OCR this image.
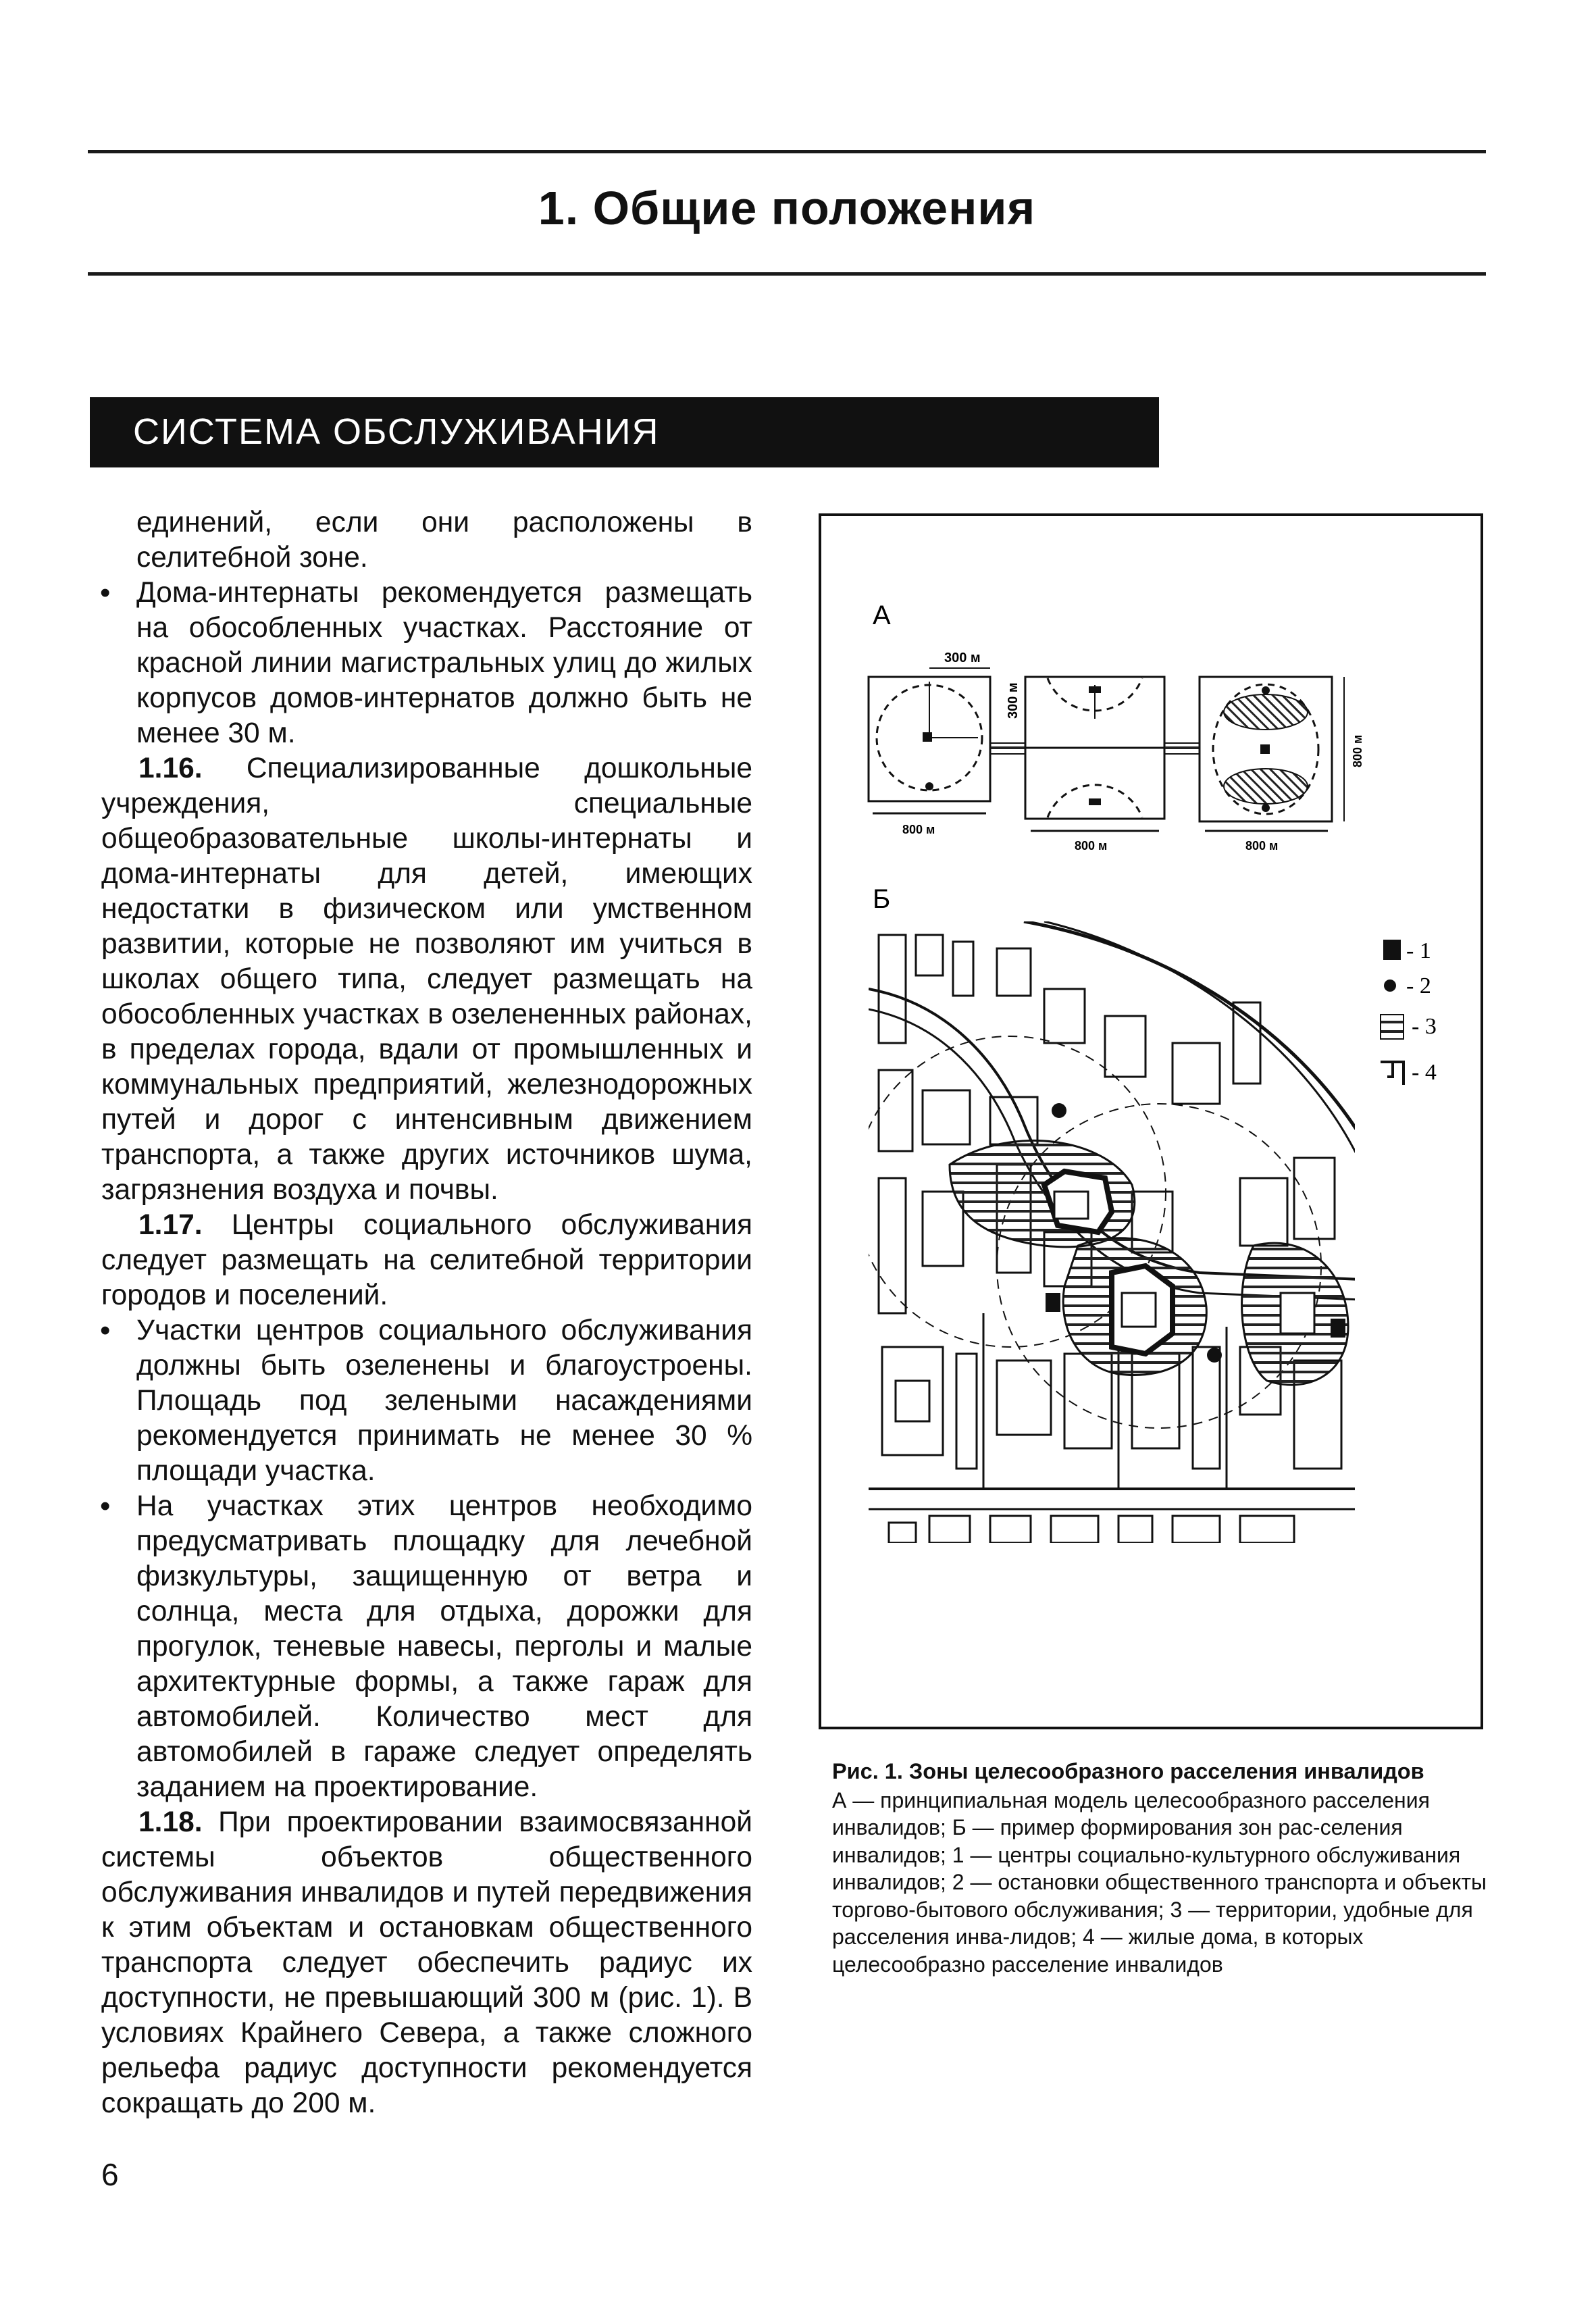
1. Общие положения
СИСТЕМА ОБСЛУЖИВАНИЯ

единений, если они расположены в селитебной зоне.

• Дома-интернаты рекомендуется размещать на обособленных участках. Расстояние от красной линии магистральных улиц до жилых корпусов домов-интернатов должно быть не менее 30 м.

1.16. Специализированные дошкольные учреждения, специальные общеобразовательные школы-интернаты и дома-интернаты для детей, имеющих недостатки в физическом или умственном развитии, которые не позволяют им учиться в школах общего типа, следует размещать на обособленных участках в озелененных районах, в пределах города, вдали от промышленных и коммунальных предприятий, железнодорожных путей и дорог с интенсивным движением транспорта, а также других источников шума, загрязнения воздуха и почвы.

1.17. Центры социального обслуживания следует размещать на селитебной территории городов и поселений.

• Участки центров социального обслуживания должны быть озеленены и благоустроены. Площадь под зелеными насаждениями рекомендуется принимать не менее 30 % площади участка.

• На участках этих центров необходимо предусматривать площадку для лечебной физкультуры, защищенную от ветра и солнца, места для отдыха, дорожки для прогулок, теневые навесы, перголы и малые архитектурные формы, а также гараж для автомобилей. Количество мест для автомобилей в гараже следует определять заданием на проектирование.

1.18. При проектировании взаимосвязанной системы объектов общественного обслуживания инвалидов и путей передвижения к этим объектам и остановкам общественного транспорта следует обеспечить радиус их доступности, не превышающий 300 м (рис. 1). В условиях Крайнего Севера, а также сложного рельефа радиус доступности рекомендуется сокращать до 200 м.

А
300 м
300 м
800 м
800 м	800 м
800 м
Б
- 1
- 2
- 3
- 4

Рис. 1. Зоны целесообразного расселения инвалидов

А — принципиальная модель целесообразного расселения инвалидов; Б — пример формирования зон рас-селения инвалидов; 1 — центры социально-культурного обслуживания инвалидов; 2 — остановки общественного транспорта и объекты торгово-бытового обслуживания; 3 — территории, удобные для расселения инва-лидов; 4 — жилые дома, в которых целесообразно расселение инвалидов

6
